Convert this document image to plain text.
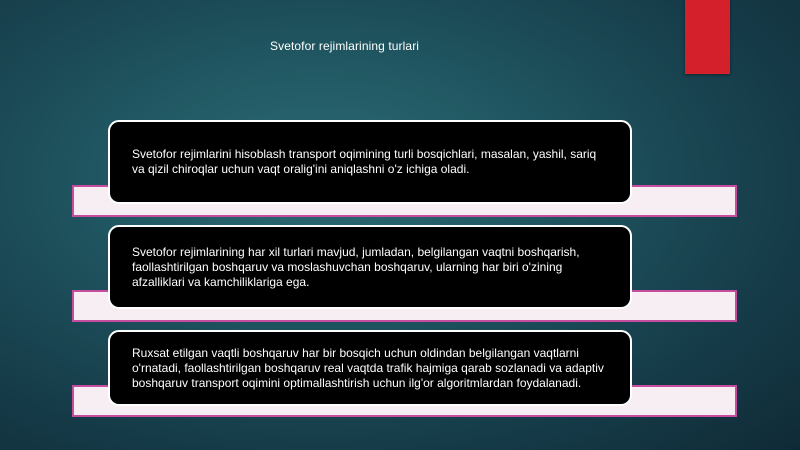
Svetofor rejimlarining turlari

Svetofor rejimlarini hisoblash transport oqimining turli bosqichlari, masalan, yashil, sariq va qizil chiroqlar uchun vaqt oralig'ini aniqlashni o'z ichiga oladi.

Svetofor rejimlarining har xil turlari mavjud, jumladan, belgilangan vaqtni boshqarish, faollashtirilgan boshqaruv va moslashuvchan boshqaruv, ularning har biri o'zining afzalliklari va kamchiliklariga ega.

Ruxsat etilgan vaqtli boshqaruv har bir bosqich uchun oldindan belgilangan vaqtlarni o'rnatadi, faollashtirilgan boshqaruv real vaqtda trafik hajmiga qarab sozlanadi va adaptiv boshqaruv transport oqimini optimallashtirish uchun ilg'or algoritmlardan foydalanadi.
